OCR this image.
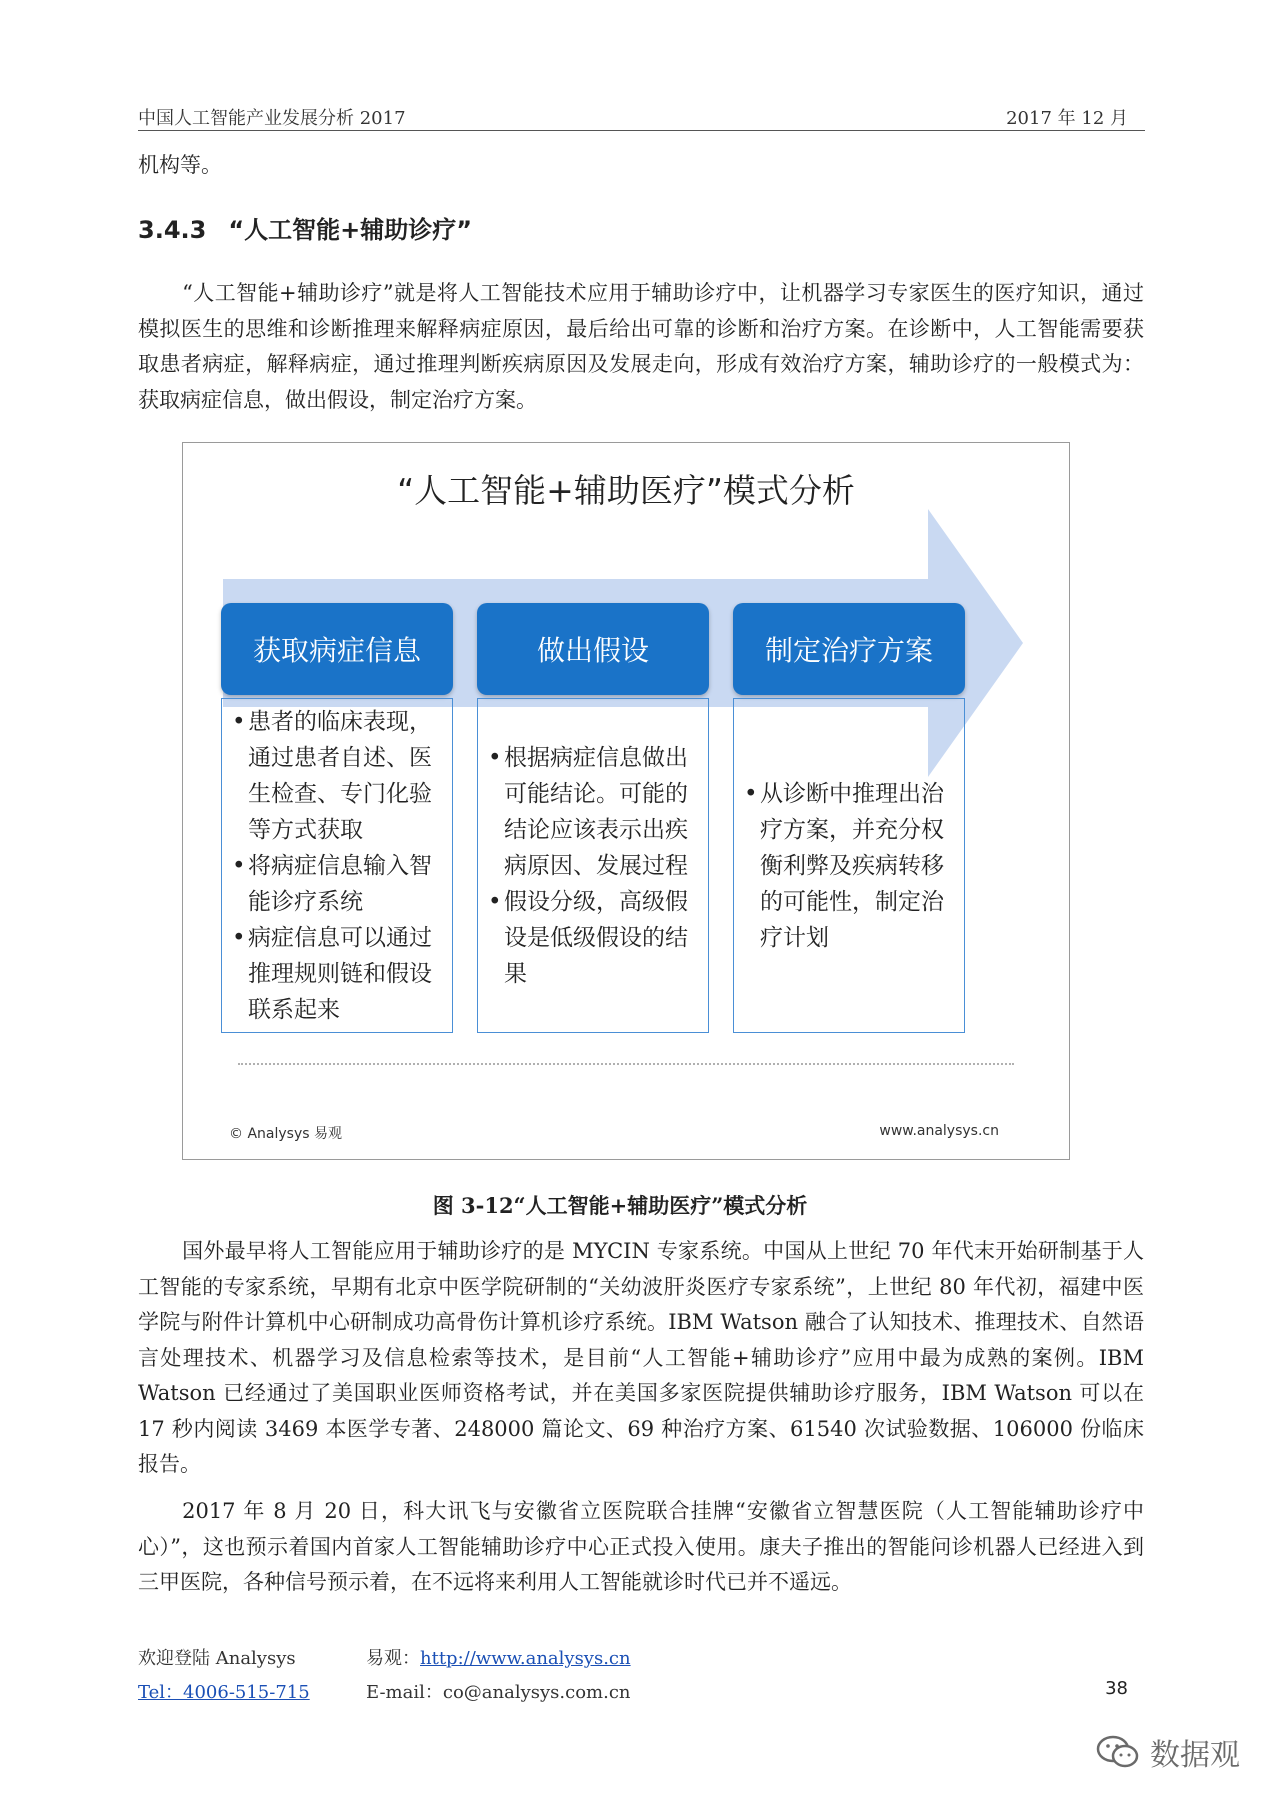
中国人工智能产业发展分析 2017	2017 年 12 月

机构等。

3.4.3 “人工智能+辅助诊疗”

“人工智能+辅助诊疗”就是将人工智能技术应用于辅助诊疗中，让机器学习专家医生的医疗知识，通过模拟医生的思维和诊断推理来解释病症原因，最后给出可靠的诊断和治疗方案。在诊断中，人工智能需要获取患者病症，解释病症，通过推理判断疾病原因及发展走向，形成有效治疗方案，辅助诊疗的一般模式为：获取病症信息，做出假设，制定治疗方案。

“人工智能+辅助医疗”模式分析
获取病症信息	做出假设	制定治疗方案
• 患者的临床表现，通过患者自述、医生检查、专门化验等方式获取
• 将病症信息输入智能诊疗系统
• 病症信息可以通过推理规则链和假设联系起来
• 根据病症信息做出可能结论。可能的结论应该表示出疾病原因、发展过程
• 假设分级，高级假设是低级假设的结果
• 从诊断中推理出治疗方案，并充分权衡利弊及疾病转移的可能性，制定治疗计划
© Analysys 易观	www.analysys.cn
图 3-12“人工智能+辅助医疗”模式分析

国外最早将人工智能应用于辅助诊疗的是 MYCIN 专家系统。中国从上世纪 70 年代末开始研制基于人工智能的专家系统，早期有北京中医学院研制的“关幼波肝炎医疗专家系统”，上世纪 80 年代初，福建中医学院与附件计算机中心研制成功高骨伤计算机诊疗系统。IBM Watson 融合了认知技术、推理技术、自然语言处理技术、机器学习及信息检索等技术，是目前“人工智能+辅助诊疗”应用中最为成熟的案例。IBM Watson 已经通过了美国职业医师资格考试，并在美国多家医院提供辅助诊疗服务，IBM Watson 可以在 17 秒内阅读 3469 本医学专著、248000 篇论文、69 种治疗方案、61540 次试验数据、106000 份临床报告。

2017 年 8 月 20 日，科大讯飞与安徽省立医院联合挂牌“安徽省立智慧医院（人工智能辅助诊疗中心）”，这也预示着国内首家人工智能辅助诊疗中心正式投入使用。康夫子推出的智能问诊机器人已经进入到三甲医院，各种信号预示着，在不远将来利用人工智能就诊时代已并不遥远。

欢迎登陆 Analysys	易观：http://www.analysys.cn
Tel：4006-515-715	E-mail：co@analysys.com.cn	38
数据观
